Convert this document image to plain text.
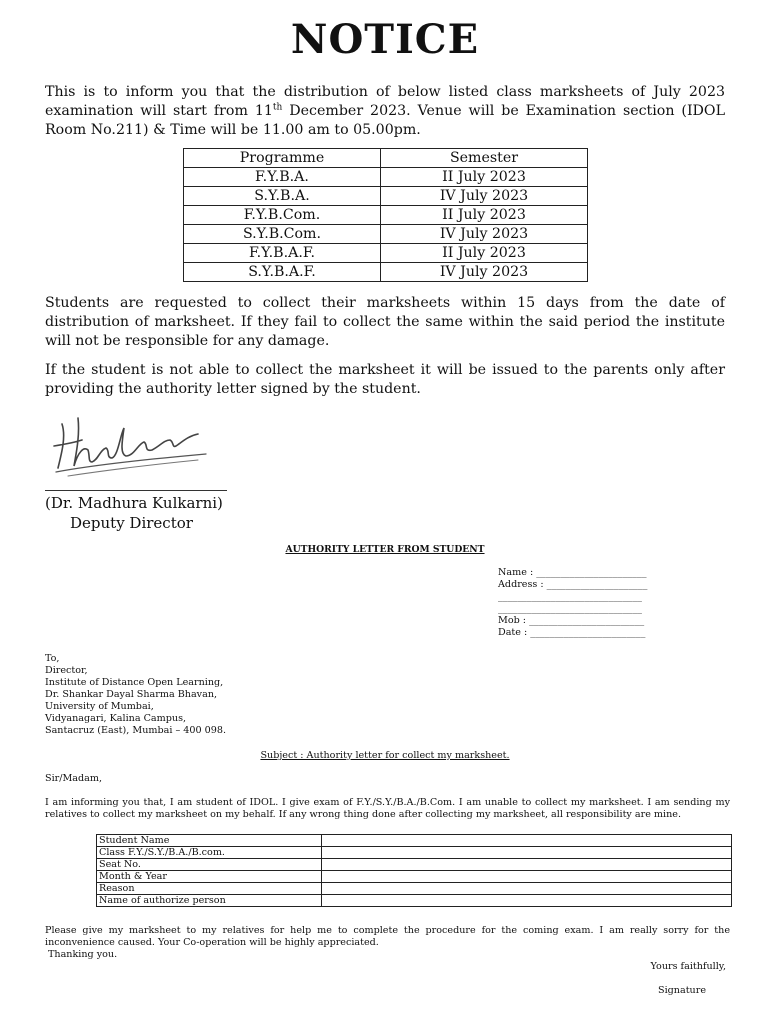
NOTICE

This is to inform you that the distribution of below listed class marksheets of July 2023 examination will start from 11th December 2023. Venue will be Examination section (IDOL Room No.211) & Time will be 11.00 am to 05.00pm.

Programme	Semester
F.Y.B.A.	II July 2023
S.Y.B.A.	IV July 2023
F.Y.B.Com.	II July 2023
S.Y.B.Com.	IV July 2023
F.Y.B.A.F.	II July 2023
S.Y.B.A.F.	IV July 2023

Students are requested to collect their marksheets within 15 days from the date of distribution of marksheet. If they fail to collect the same within the said period the institute will not be responsible for any damage.

If the student is not able to collect the marksheet it will be issued to the parents only after providing the authority letter signed by the student.

(Dr. Madhura Kulkarni)
Deputy Director
AUTHORITY LETTER FROM STUDENT
Name : _______________________
Address : _____________________
______________________________
______________________________
Mob : ________________________
Date : ________________________
To,
Director,
Institute of Distance Open Learning,
Dr. Shankar Dayal Sharma Bhavan,
University of Mumbai,
Vidyanagari, Kalina Campus,
Santacruz (East), Mumbai – 400 098.
Subject : Authority letter for collect my marksheet.
Sir/Madam,
I am informing you that, I am student of IDOL. I give exam of F.Y./S.Y./B.A./B.Com. I am unable to collect my marksheet. I am sending my relatives to collect my marksheet on my behalf. If any wrong thing done after collecting my marksheet, all responsibility are mine.
Student Name	
Class F.Y./S.Y./B.A./B.com.	
Seat No.	
Month & Year	
Reason	
Name of authorize person	
Please give my marksheet to my relatives for help me to complete the procedure for the coming exam. I am really sorry for the inconvenience caused. Your Co-operation will be highly appreciated.
Thanking you.
Yours faithfully,
Signature
